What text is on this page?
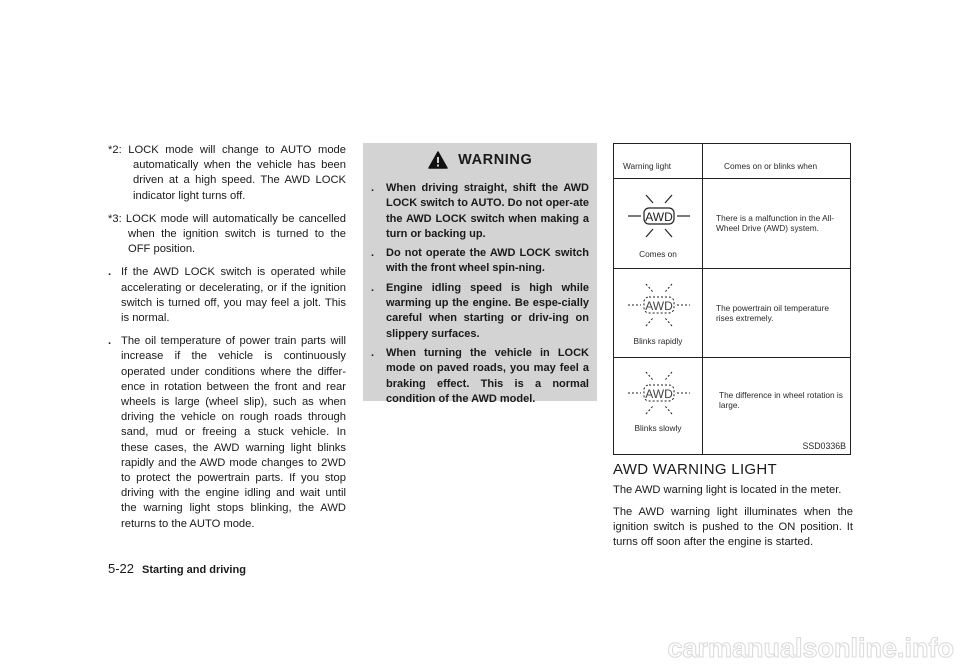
*2: LOCK mode will change to AUTO mode automatically when the vehicle has been driven at a high speed. The AWD LOCK indicator light turns off.

*3: LOCK mode will automatically be cancelled when the ignition switch is turned to the OFF position.

. If the AWD LOCK switch is operated while accelerating or decelerating, or if the ignition switch is turned off, you may feel a jolt. This is normal.
. The oil temperature of power train parts will increase if the vehicle is continuously operated under conditions where the differ-ence in rotation between the front and rear wheels is large (wheel slip), such as when driving the vehicle on rough roads through sand, mud or freeing a stuck vehicle. In these cases, the AWD warning light blinks rapidly and the AWD mode changes to 2WD to protect the powertrain parts. If you stop driving with the engine idling and wait until the warning light stops blinking, the AWD returns to the AUTO mode.
WARNING
. When driving straight, shift the AWD LOCK switch to AUTO. Do not oper-ate the AWD LOCK switch when making a turn or backing up.
. Do not operate the AWD LOCK switch with the front wheel spin-ning.
. Engine idling speed is high while warming up the engine. Be espe-cially careful when starting or driv-ing on slippery surfaces.
. When turning the vehicle in LOCK mode on paved roads, you may feel a braking effect. This is a normal condition of the AWD model.
Warning light	Comes on or blinks when
AWD
Comes on
There is a malfunction in the All-Wheel Drive (AWD) system.
AWD
Blinks rapidly
The powertrain oil temperature rises extremely.
AWD
Blinks slowly
The difference in wheel rotation is large.
SSD0336B
AWD WARNING LIGHT

The AWD warning light is located in the meter.

The AWD warning light illuminates when the ignition switch is pushed to the ON position. It turns off soon after the engine is started.

5-22 Starting and driving
carmanualsonline.info
